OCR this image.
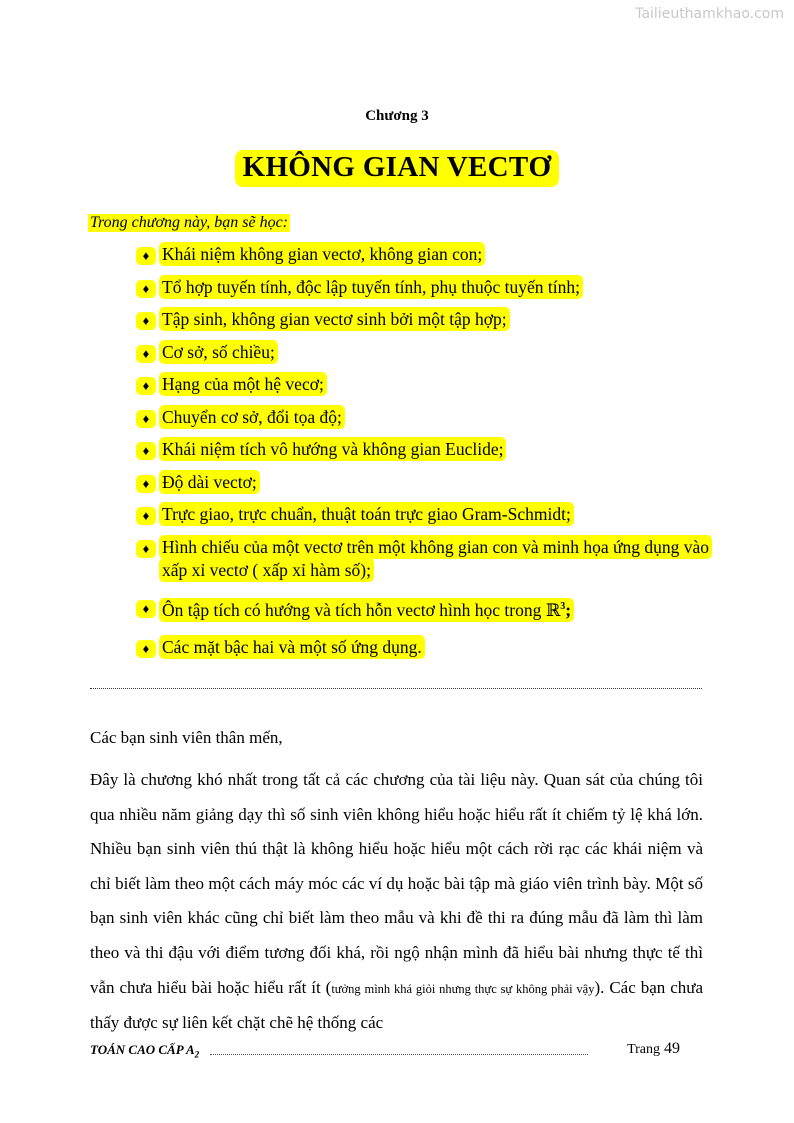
Tailieuthamkhao.com
Chương 3
KHÔNG GIAN VECTƠ
Trong chương này, bạn sẽ học:
♦ Khái niệm không gian vectơ, không gian con;
♦ Tổ hợp tuyến tính, độc lập tuyến tính, phụ thuộc tuyến tính;
♦ Tập sinh, không gian vectơ sinh bởi một tập hợp;
♦ Cơ sở, số chiều;
♦ Hạng của một hệ vecơ;
♦ Chuyển cơ sở, đổi tọa độ;
♦ Khái niệm tích vô hướng và không gian Euclide;
♦ Độ dài vectơ;
♦ Trực giao, trực chuẩn, thuật toán trực giao Gram-Schmidt;
♦ Hình chiếu của một vectơ trên một không gian con và minh họa ứng dụng vào xấp xỉ vectơ ( xấp xỉ hàm số);
♦ Ôn tập tích có hướng và tích hỗn vectơ hình học trong ℝ$^3$;
♦ Các mặt bậc hai và một số ứng dụng.
Các bạn sinh viên thân mến,

Đây là chương khó nhất trong tất cả các chương của tài liệu này. Quan sát của chúng tôi qua nhiều năm giảng dạy thì số sinh viên không hiểu hoặc hiểu rất ít chiếm tỷ lệ khá lớn. Nhiều bạn sinh viên thú thật là không hiểu hoặc hiểu một cách rời rạc các khái niệm và chỉ biết làm theo một cách máy móc các ví dụ hoặc bài tập mà giáo viên trình bày. Một số bạn sinh viên khác cũng chỉ biết làm theo mẫu và khi đề thi ra đúng mẫu đã làm thì làm theo và thi đậu với điểm tương đối khá, rồi ngộ nhận mình đã hiểu bài nhưng thực tế thì vẫn chưa hiểu bài hoặc hiểu rất ít (tưởng mình khá giỏi nhưng thực sự không phải vậy). Các bạn chưa thấy được sự liên kết chặt chẽ hệ thống các

TOÁN CAO CẤP $A_2$	Trang 49
